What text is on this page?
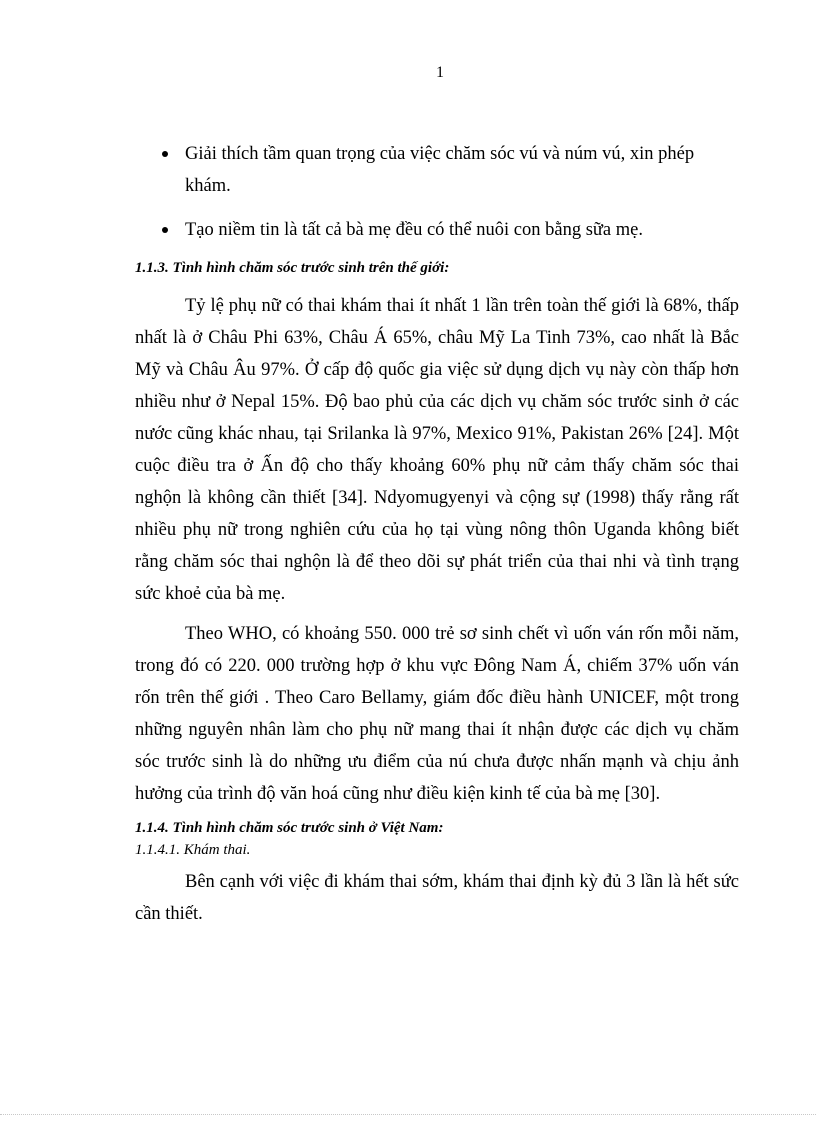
1
Giải thích tầm quan trọng của việc chăm sóc vú và núm vú, xin phép khám.
Tạo niềm tin là tất cả bà mẹ đều có thể nuôi con bằng sữa mẹ.

1.1.3. Tình hình chăm sóc trước sinh trên thế giới:

Tỷ lệ phụ nữ có thai khám thai ít nhất 1 lần trên toàn thế giới là 68%, thấp nhất là ở Châu Phi 63%, Châu Á 65%, châu Mỹ La Tinh 73%, cao nhất là Bắc Mỹ và Châu Âu 97%. Ở cấp độ quốc gia việc sử dụng dịch vụ này còn thấp hơn nhiều như ở Nepal 15%. Độ bao phủ của các dịch vụ chăm sóc trước sinh ở các nước cũng khác nhau, tại Srilanka là 97%, Mexico 91%, Pakistan 26% [24]. Một cuộc điều tra ở Ấn độ cho thấy khoảng 60% phụ nữ cảm thấy chăm sóc thai nghộn là không cần thiết [34]. Ndyomugyenyi và cộng sự (1998) thấy rằng rất nhiều phụ nữ trong nghiên cứu của họ tại vùng nông thôn Uganda không biết rằng chăm sóc thai nghộn là để theo dõi sự phát triển của thai nhi và tình trạng sức khoẻ của bà mẹ.

Theo WHO, có khoảng 550. 000 trẻ sơ sinh chết vì uốn ván rốn mỗi năm, trong đó có 220. 000 trường hợp ở khu vực Đông Nam Á, chiếm 37% uốn ván rốn trên thế giới . Theo Caro Bellamy, giám đốc điều hành UNICEF, một trong những nguyên nhân làm cho phụ nữ mang thai ít nhận được các dịch vụ chăm sóc trước sinh là do những ưu điểm của nú chưa được nhấn mạnh và chịu ảnh hưởng của trình độ văn hoá cũng như điều kiện kinh tế của bà mẹ [30].

1.1.4. Tình hình chăm sóc trước sinh ở Việt Nam:

1.1.4.1. Khám thai.

Bên cạnh với việc đi khám thai sớm, khám thai định kỳ đủ 3 lần là hết sức cần thiết.
